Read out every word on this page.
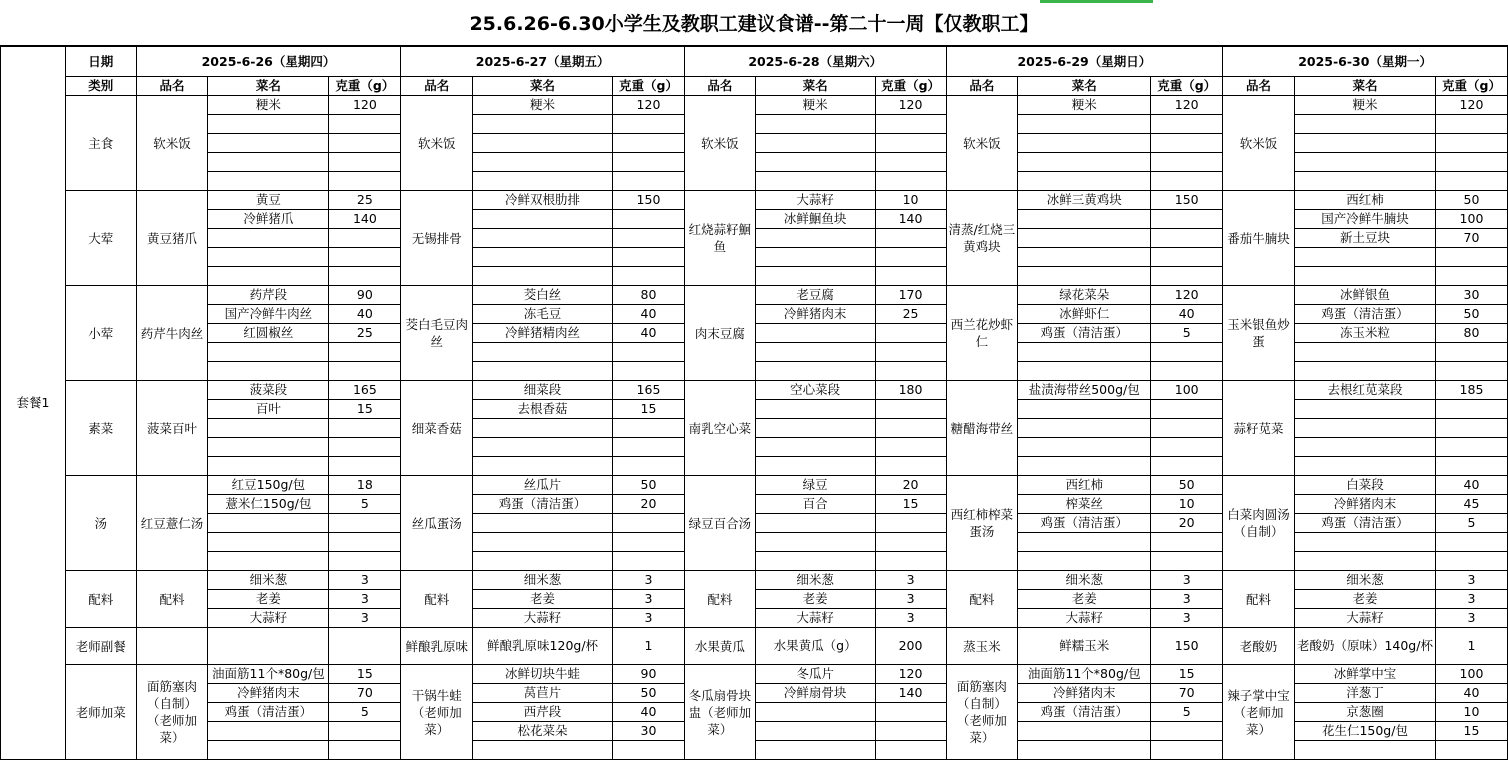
25.6.26-6.30小学生及教职工建议食谱--第二十一周【仅教职工】
套餐1	日期	2025-6-26（星期四）			2025-6-27（星期五）			2025-6-28（星期六）			2025-6-29（星期日）			2025-6-30（星期一）		
	类别	品名	菜名	克重（g）	品名	菜名	克重（g）	品名	菜名	克重（g）	品名	菜名	克重（g）	品名	菜名	克重（g）
	主食	软米饭	粳米	120	软米饭	粳米	120	软米饭	粳米	120	软米饭	粳米	120	软米饭	粳米	120

	大荤	黄豆猪爪	黄豆	25	无锡排骨	冷鲜双根肋排	150	红烧蒜籽鮰鱼	大蒜籽	10	清蒸/红烧三黄鸡块	冰鲜三黄鸡块	150	番茄牛腩块	西红柿	50
			冷鲜猪爪	140					冰鲜鮰鱼块	140					国产冷鲜牛腩块	100
															新土豆块	70

	小荤	药芹牛肉丝	药芹段	90	茭白毛豆肉丝	茭白丝	80	肉末豆腐	老豆腐	170	西兰花炒虾仁	绿花菜朵	120	玉米银鱼炒蛋	冰鲜银鱼	30
			国产冷鲜牛肉丝	40		冻毛豆	40		冷鲜猪肉末	25		冰鲜虾仁	40		鸡蛋（清洁蛋）	50
			红圆椒丝	25		冷鲜猪精肉丝	40					鸡蛋（清洁蛋）	5		冻玉米粒	80

	素菜	菠菜百叶	菠菜段	165	细菜香菇	细菜段	165	南乳空心菜	空心菜段	180	糖醋海带丝	盐渍海带丝500g/包	100	蒜籽苋菜	去根红苋菜段	185
			百叶	15		去根香菇	15									

	汤	红豆薏仁汤	红豆150g/包	18	丝瓜蛋汤	丝瓜片	50	绿豆百合汤	绿豆	20	西红柿榨菜蛋汤	西红柿	50	白菜肉圆汤（自制）	白菜段	40
			薏米仁150g/包	5		鸡蛋（清洁蛋）	20		百合	15		榨菜丝	10		冷鲜猪肉末	45
												鸡蛋（清洁蛋）	20		鸡蛋（清洁蛋）	5

	配料	配料	细米葱	3	配料	细米葱	3	配料	细米葱	3	配料	细米葱	3	配料	细米葱	3
			老姜	3		老姜	3		老姜	3		老姜	3		老姜	3
			大蒜籽	3		大蒜籽	3		大蒜籽	3		大蒜籽	3		大蒜籽	3
	老师副餐				鲜酿乳原味	鲜酿乳原味120g/杯	1	水果黄瓜	水果黄瓜（g）	200	蒸玉米	鲜糯玉米	150	老酸奶	老酸奶（原味）140g/杯	1
	老师加菜	面筋塞肉（自制）（老师加菜）	油面筋11个*80g/包	15	干锅牛蛙（老师加菜）	冰鲜切块牛蛙	90	冬瓜扇骨块盅（老师加菜）	冬瓜片	120	面筋塞肉（自制）（老师加菜）	油面筋11个*80g/包	15	辣子掌中宝（老师加菜）	冰鲜掌中宝	100
			冷鲜猪肉末	70		莴苣片	50		冷鲜扇骨块	140		冷鲜猪肉末	70		洋葱丁	40
			鸡蛋（清洁蛋）	5		西芹段	40					鸡蛋（清洁蛋）	5		京葱圈	10
						松花菜朵	30								花生仁150g/包	15
